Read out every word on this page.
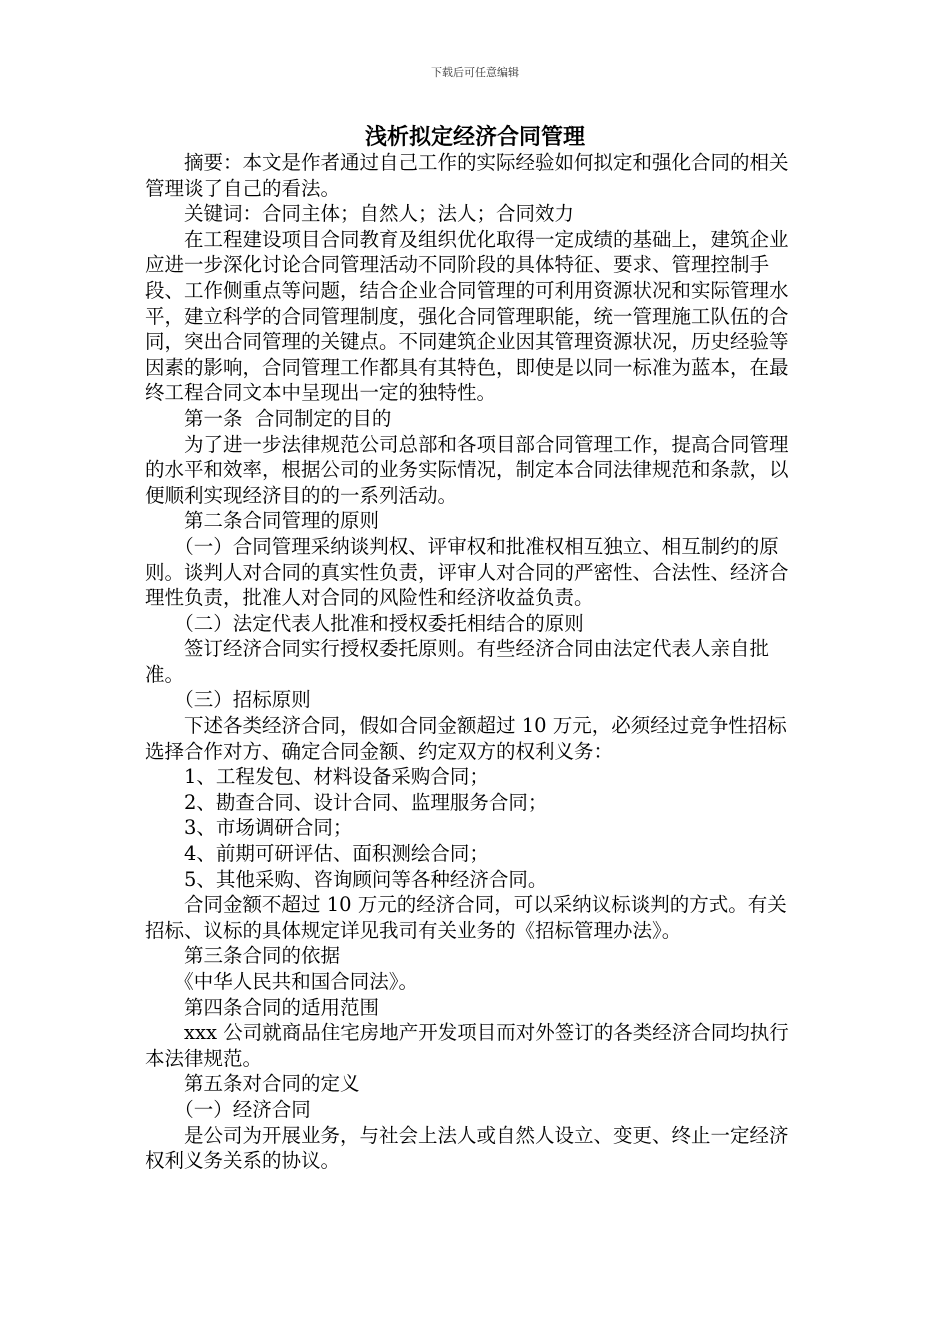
下载后可任意编辑
浅析拟定经济合同管理

　　摘要：本文是作者通过自己工作的实际经验如何拟定和强化合同的相关管理谈了自己的看法。

　　关键词：合同主体；自然人；法人；合同效力

　　在工程建设项目合同教育及组织优化取得一定成绩的基础上，建筑企业应进一步深化讨论合同管理活动不同阶段的具体特征、要求、管理控制手段、工作侧重点等问题，结合企业合同管理的可利用资源状况和实际管理水平，建立科学的合同管理制度，强化合同管理职能，统一管理施工队伍的合同，突出合同管理的关键点。不同建筑企业因其管理资源状况，历史经验等因素的影响，合同管理工作都具有其特色，即使是以同一标准为蓝本，在最终工程合同文本中呈现出一定的独特性。

　　第一条  合同制定的目的

　　为了进一步法律规范公司总部和各项目部合同管理工作，提高合同管理的水平和效率，根据公司的业务实际情况，制定本合同法律规范和条款，以便顺利实现经济目的的一系列活动。

　　第二条合同管理的原则

　　（一）合同管理采纳谈判权、评审权和批准权相互独立、相互制约的原则。谈判人对合同的真实性负责，评审人对合同的严密性、合法性、经济合理性负责，批准人对合同的风险性和经济收益负责。

　　（二）法定代表人批准和授权委托相结合的原则

　　签订经济合同实行授权委托原则。有些经济合同由法定代表人亲自批准。

　　（三）招标原则

　　下述各类经济合同，假如合同金额超过 10 万元，必须经过竞争性招标选择合作对方、确定合同金额、约定双方的权利义务：

　　1、工程发包、材料设备采购合同；

　　2、勘查合同、设计合同、监理服务合同；

　　3、市场调研合同；

　　4、前期可研评估、面积测绘合同；

　　5、其他采购、咨询顾问等各种经济合同。

　　合同金额不超过 10 万元的经济合同，可以采纳议标谈判的方式。有关招标、议标的具体规定详见我司有关业务的《招标管理办法》。

　　第三条合同的依据

　　《中华人民共和国合同法》。

　　第四条合同的适用范围

　　xxx 公司就商品住宅房地产开发项目而对外签订的各类经济合同均执行本法律规范。

　　第五条对合同的定义

　　（一）经济合同

　　是公司为开展业务，与社会上法人或自然人设立、变更、终止一定经济权利义务关系的协议。
